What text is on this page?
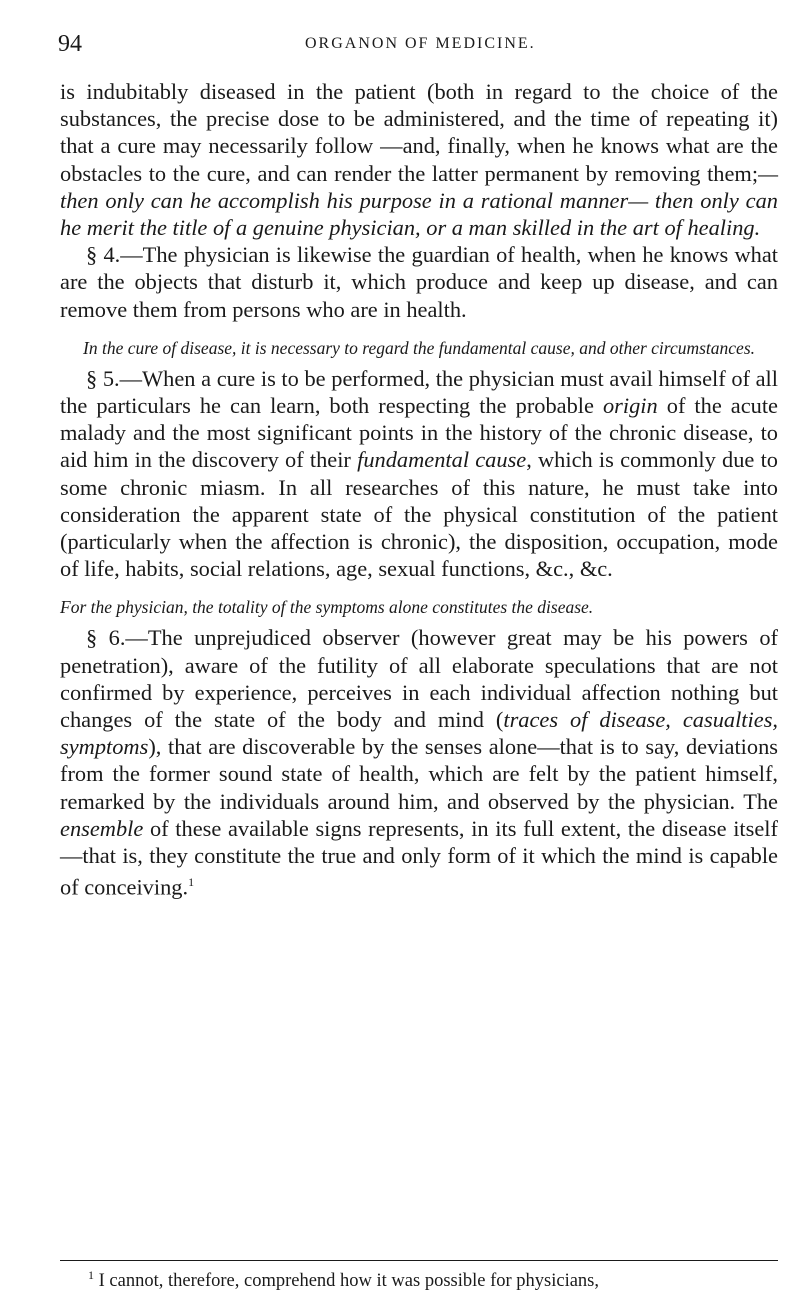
94	ORGANON OF MEDICINE.

is indubitably diseased in the patient (both in regard to the choice of the substances, the precise dose to be administered, and the time of repeating it) that a cure may necessarily follow —and, finally, when he knows what are the obstacles to the cure, and can render the latter permanent by removing them;—then only can he accomplish his purpose in a rational manner— then only can he merit the title of a genuine physician, or a man skilled in the art of healing.

§ 4.—The physician is likewise the guardian of health, when he knows what are the objects that disturb it, which produce and keep up disease, and can remove them from persons who are in health.

In the cure of disease, it is necessary to regard the fundamental cause, and other circumstances.

§ 5.—When a cure is to be performed, the physician must avail himself of all the particulars he can learn, both respecting the probable origin of the acute malady and the most significant points in the history of the chronic disease, to aid him in the discovery of their fundamental cause, which is commonly due to some chronic miasm. In all researches of this nature, he must take into consideration the apparent state of the physical constitution of the patient (particularly when the affection is chronic), the disposition, occupation, mode of life, habits, social relations, age, sexual functions, &c., &c.

For the physician, the totality of the symptoms alone constitutes the disease.

§ 6.—The unprejudiced observer (however great may be his powers of penetration), aware of the futility of all elaborate speculations that are not confirmed by experience, perceives in each individual affection nothing but changes of the state of the body and mind (traces of disease, casualties, symptoms), that are discoverable by the senses alone—that is to say, deviations from the former sound state of health, which are felt by the patient himself, remarked by the individuals around him, and observed by the physician. The ensemble of these available signs represents, in its full extent, the disease itself—that is, they constitute the true and only form of it which the mind is capable of conceiving.$^1$

$^1$ I cannot, therefore, comprehend how it was possible for physicians,
